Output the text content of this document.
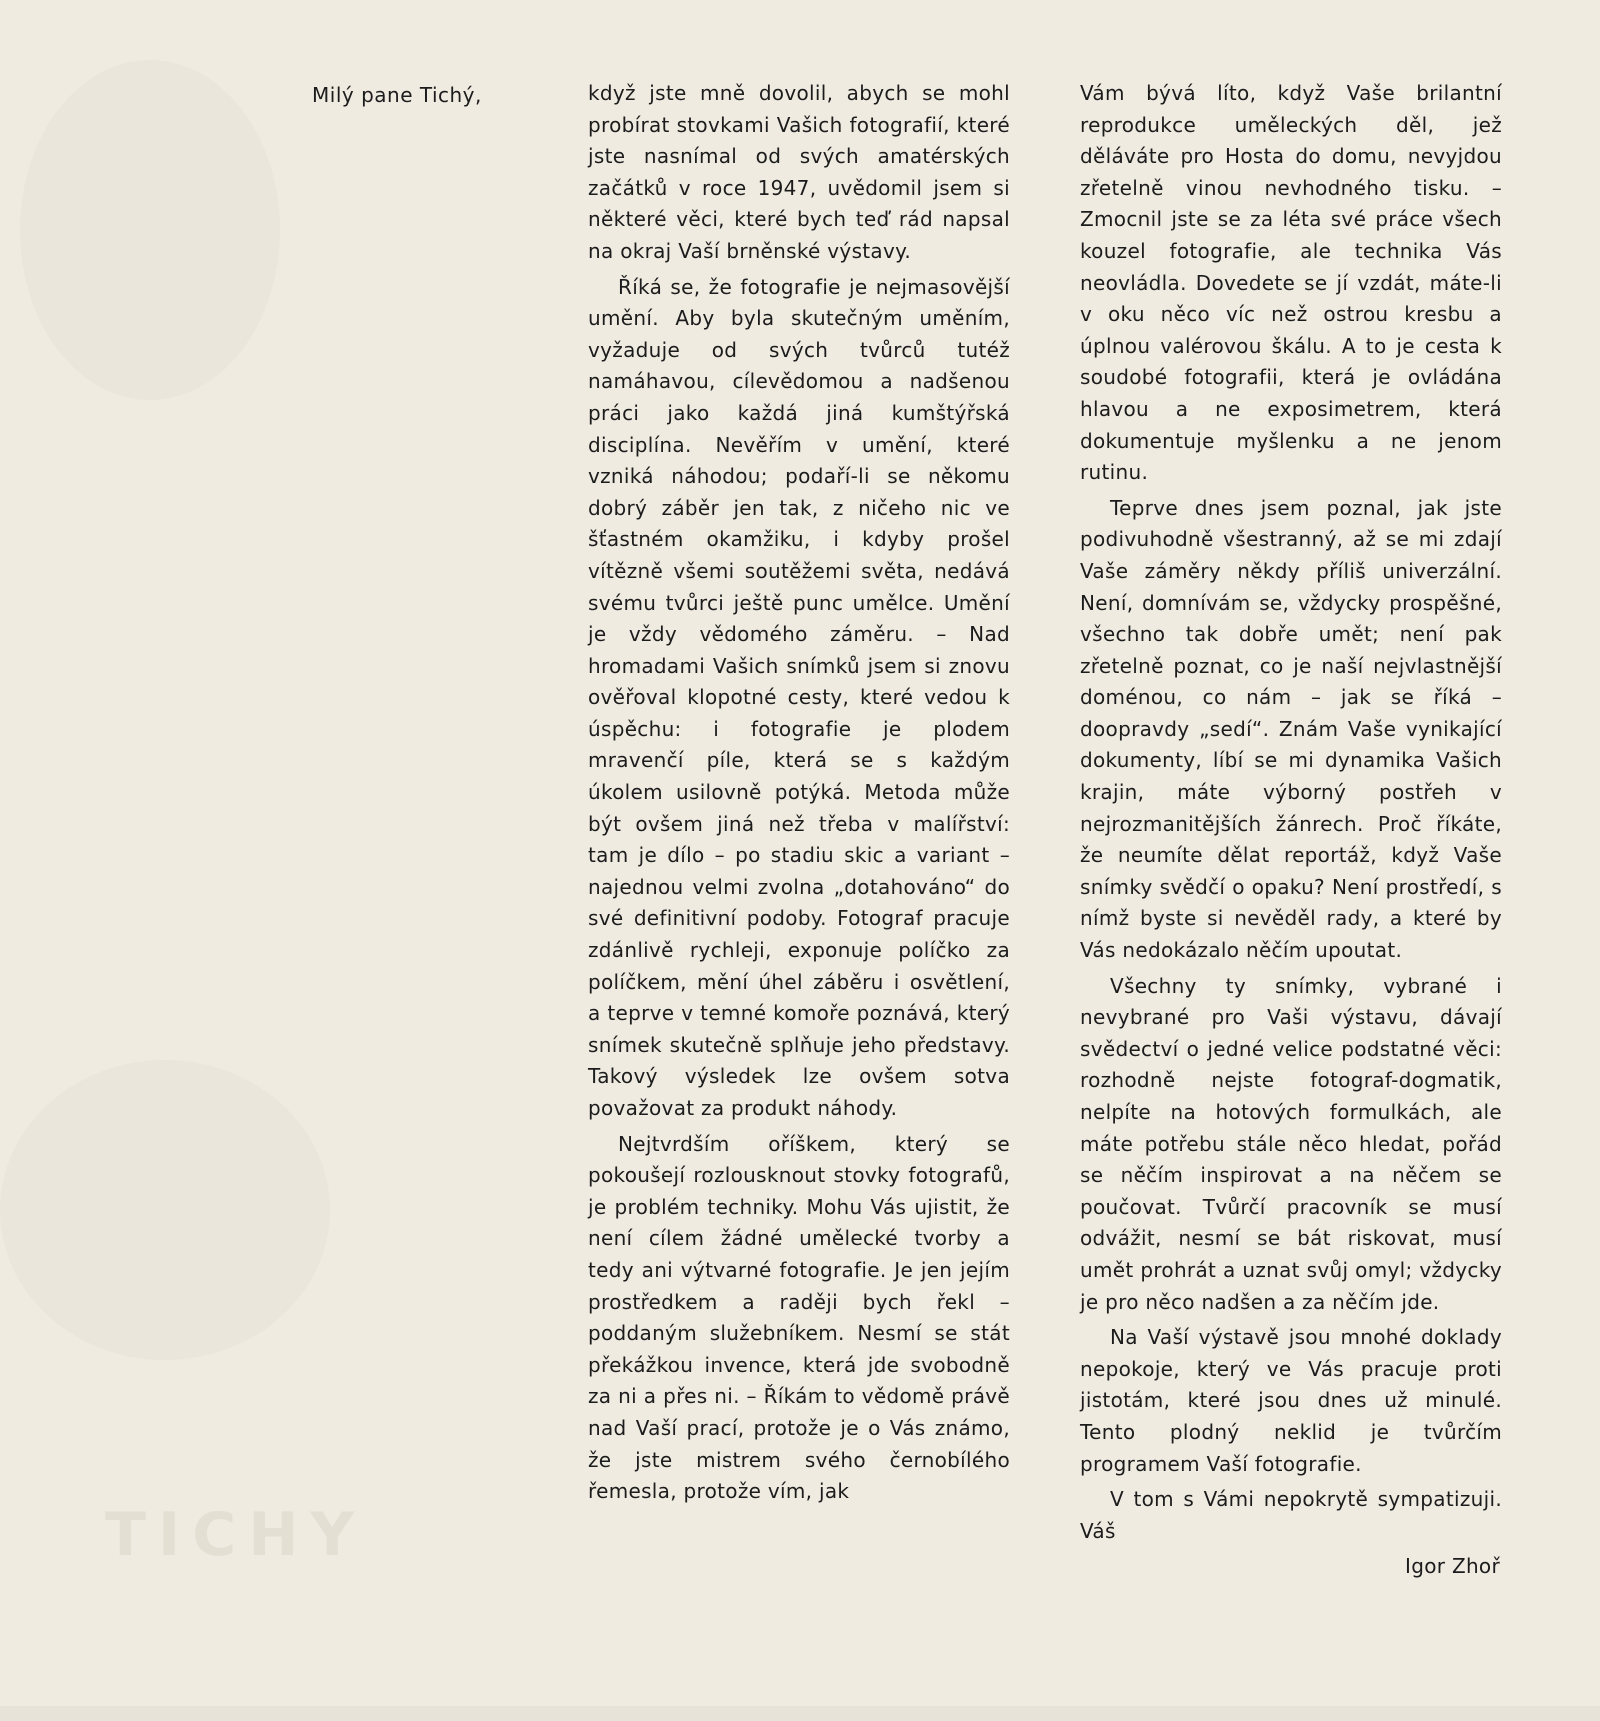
TICHY
Milý pane Tichý,	když jste mně dovolil, abych se mohl probírat stovkami Vašich fotografií, které jste nasnímal od svých amatérských začátků v roce 1947, uvědomil jsem si některé věci, které bych teď rád napsal na okraj Vaší brněnské výstavy.

Říká se, že fotografie je nejmasovější umění. Aby byla skutečným uměním, vyžaduje od svých tvůrců tutéž namáhavou, cílevědomou a nadšenou práci jako každá jiná kumštýřská disciplína. Nevěřím v umění, které vzniká náhodou; podaří-li se někomu dobrý záběr jen tak, z ničeho nic ve šťastném okamžiku, i kdyby prošel vítězně všemi soutěžemi světa, nedává svému tvůrci ještě punc umělce. Umění je vždy vědomého záměru. – Nad hromadami Vašich snímků jsem si znovu ověřoval klopotné cesty, které vedou k úspěchu: i fotografie je plodem mravenčí píle, která se s každým úkolem usilovně potýká. Metoda může být ovšem jiná než třeba v malířství: tam je dílo – po stadiu skic a variant – najednou velmi zvolna „dotahováno“ do své definitivní podoby. Fotograf pracuje zdánlivě rychleji, exponuje políčko za políčkem, mění úhel záběru i osvětlení, a teprve v temné komoře poznává, který snímek skutečně splňuje jeho představy. Takový výsledek lze ovšem sotva považovat za produkt náhody.

Nejtvrdším oříškem, který se pokoušejí rozlousknout stovky fotografů, je problém techniky. Mohu Vás ujistit, že není cílem žádné umělecké tvorby a tedy ani výtvarné fotografie. Je jen jejím prostředkem a raději bych řekl – poddaným služebníkem. Nesmí se stát překážkou invence, která jde svobodně za ni a přes ni. – Říkám to vědomě právě nad Vaší prací, protože je o Vás známo, že jste mistrem svého černobílého řemesla, protože vím, jak

Vám bývá líto, když Vaše brilantní reprodukce uměleckých děl, jež děláváte pro Hosta do domu, nevyjdou zřetelně vinou nevhodného tisku. – Zmocnil jste se za léta své práce všech kouzel fotografie, ale technika Vás neovládla. Dovedete se jí vzdát, máte-li v oku něco víc než ostrou kresbu a úplnou valérovou škálu. A to je cesta k soudobé fotografii, která je ovládána hlavou a ne exposimetrem, která dokumentuje myšlenku a ne jenom rutinu.

Teprve dnes jsem poznal, jak jste podivuhodně všestranný, až se mi zdají Vaše záměry někdy příliš univerzální. Není, domnívám se, vždycky prospěšné, všechno tak dobře umět; není pak zřetelně poznat, co je naší nejvlastnější doménou, co nám – jak se říká – doopravdy „sedí“. Znám Vaše vynikající dokumenty, líbí se mi dynamika Vašich krajin, máte výborný postřeh v nejrozmanitějších žánrech. Proč říkáte, že neumíte dělat reportáž, když Vaše snímky svědčí o opaku? Není prostředí, s nímž byste si nevěděl rady, a které by Vás nedokázalo něčím upoutat.

Všechny ty snímky, vybrané i nevybrané pro Vaši výstavu, dávají svědectví o jedné velice podstatné věci: rozhodně nejste fotograf-dogmatik, nelpíte na hotových formulkách, ale máte potřebu stále něco hledat, pořád se něčím inspirovat a na něčem se poučovat. Tvůrčí pracovník se musí odvážit, nesmí se bát riskovat, musí umět prohrát a uznat svůj omyl; vždycky je pro něco nadšen a za něčím jde.

Na Vaší výstavě jsou mnohé doklady nepokoje, který ve Vás pracuje proti jistotám, které jsou dnes už minulé. Tento plodný neklid je tvůrčím programem Vaší fotografie.

V tom s Vámi nepokrytě sympatizuji. Váš

Igor Zhoř
